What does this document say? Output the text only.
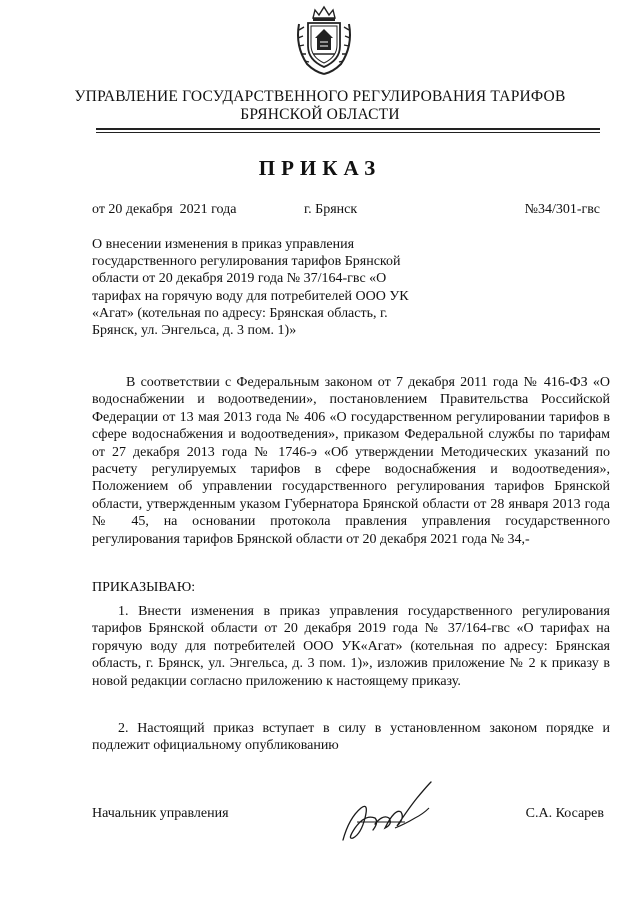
УПРАВЛЕНИЕ ГОСУДАРСТВЕННОГО РЕГУЛИРОВАНИЯ ТАРИФОВ
БРЯНСКОЙ ОБЛАСТИ
ПРИКАЗ
от 20 декабря  2021 года	г. Брянск	№34/301-гвс
О внесении изменения в приказ управления государственного регулирования тарифов Брянской области от 20 декабря 2019 года № 37/164-гвс «О тарифах на горячую воду для потребителей ООО УК «Агат» (котельная по адресу: Брянская область, г. Брянск, ул. Энгельса, д. 3 пом. 1)»
В соответствии с Федеральным законом от 7 декабря 2011 года № 416-ФЗ «О водоснабжении и водоотведении», постановлением Правительства Российской Федерации от 13 мая 2013 года № 406 «О государственном регулировании тарифов в сфере водоснабжения и водоотведения», приказом Федеральной службы по тарифам от 27 декабря 2013 года № 1746-э «Об утверждении Методических указаний по расчету регулируемых тарифов в сфере водоснабжения и водоотведения», Положением об управлении государственного регулирования тарифов Брянской области, утвержденным указом Губернатора Брянской области от 28 января 2013 года № 45, на основании протокола правления управления государственного регулирования тарифов Брянской области от 20 декабря 2021 года № 34,-
ПРИКАЗЫВАЮ:
1. Внести изменения в приказ управления государственного регулирования тарифов Брянской области от 20 декабря 2019 года № 37/164-гвс «О тарифах на горячую воду для потребителей ООО УК«Агат» (котельная по адресу: Брянская область, г. Брянск, ул. Энгельса, д. 3 пом. 1)», изложив приложение № 2 к приказу в новой редакции согласно приложению к настоящему приказу.
2. Настоящий приказ вступает в силу в установленном законом порядке и подлежит официальному опубликованию
Начальник управления	С.А. Косарев
